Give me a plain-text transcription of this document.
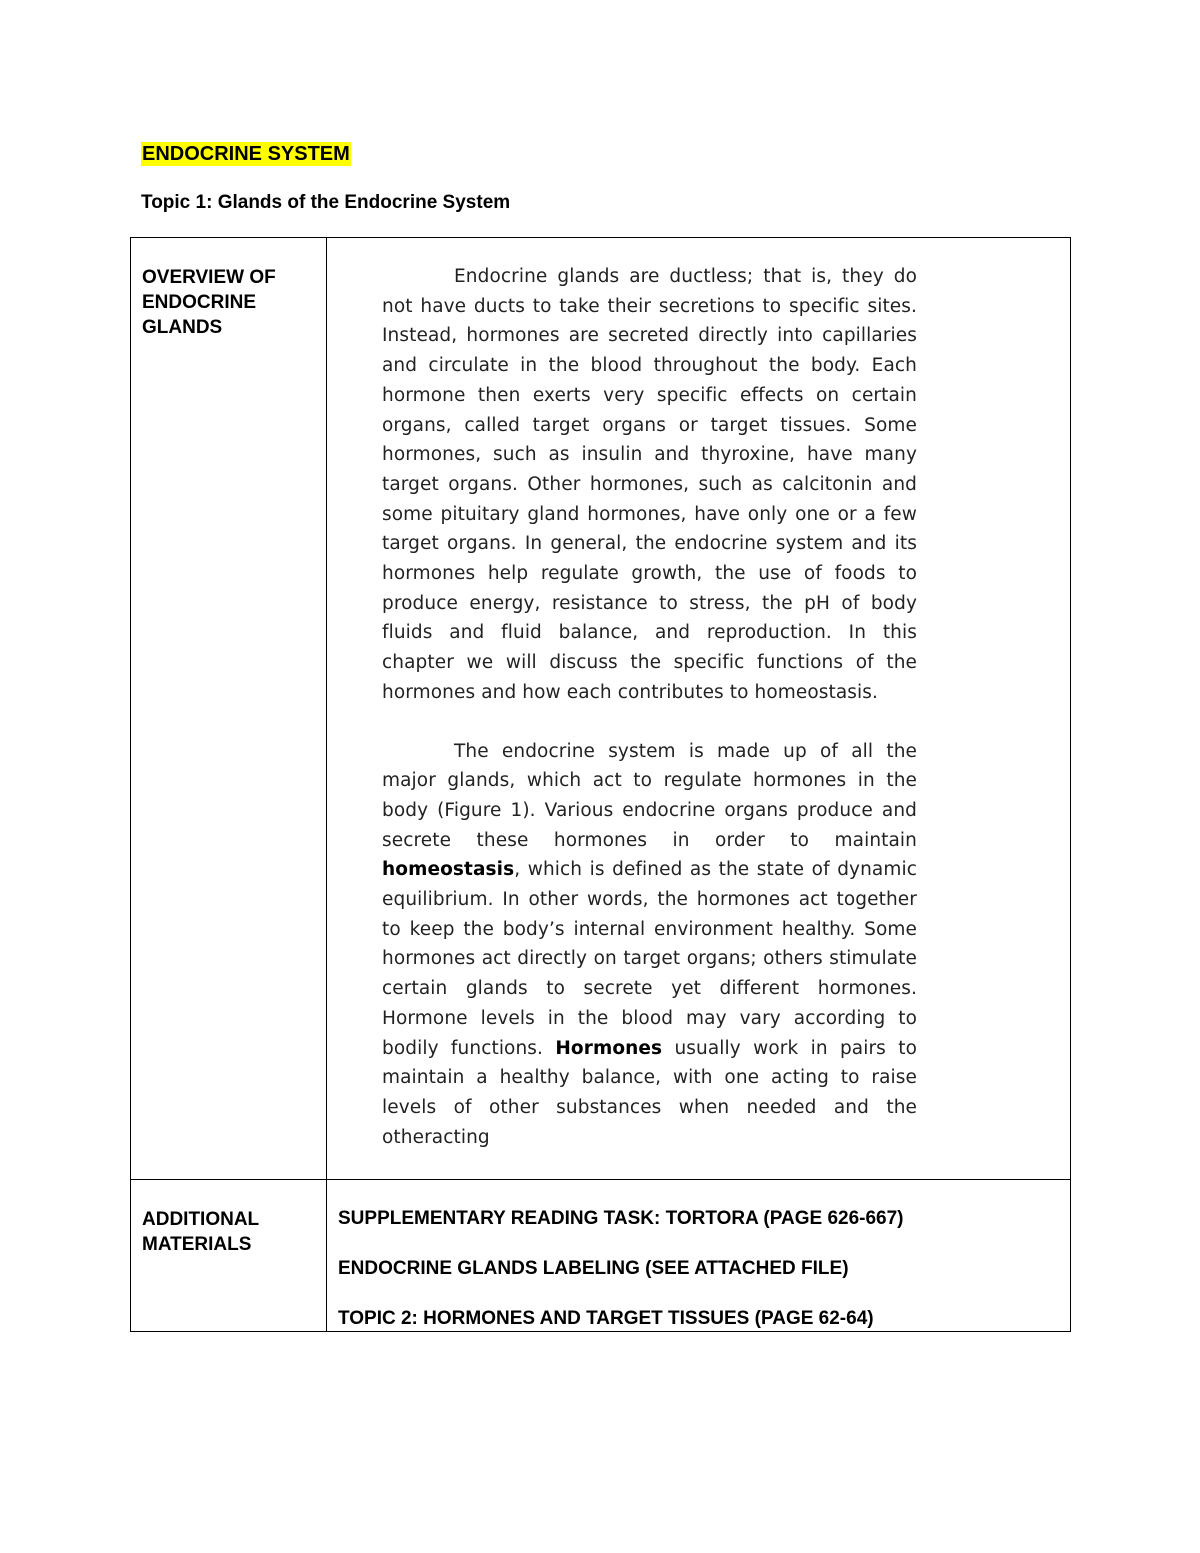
ENDOCRINE SYSTEM
Topic 1: Glands of the Endocrine System
OVERVIEW OF ENDOCRINE GLANDS	Endocrine glands are ductless; that is, they do not have ducts to take their secretions to specific sites. Instead, hormones are secreted directly into capillaries and circulate in the blood throughout the body. Each hormone then exerts very specific effects on certain organs, called target organs or target tissues. Some hormones, such as insulin and thyroxine, have many target organs. Other hormones, such as calcitonin and some pituitary gland hormones, have only one or a few target organs. In general, the endocrine system and its hormones help regulate growth, the use of foods to produce energy, resistance to stress, the pH of body fluids and fluid balance, and reproduction. In this chapter we will discuss the specific functions of the hormones and how each contributes to homeostasis.

The endocrine system is made up of all the major glands, which act to regulate hormones in the body (Figure 1). Various endocrine organs produce and secrete these hormones in order to maintain homeostasis, which is defined as the state of dynamic equilibrium. In other words, the hormones act together to keep the body’s internal environment healthy. Some hormones act directly on target organs; others stimulate certain glands to secrete yet different hormones. Hormone levels in the blood may vary according to bodily functions. Hormones usually work in pairs to maintain a healthy balance, with one acting to raise levels of other substances when needed and the otheracting

ADDITIONAL MATERIALS	SUPPLEMENTARY READING TASK: TORTORA (PAGE 626-667)
ENDOCRINE GLANDS LABELING (SEE ATTACHED FILE)
TOPIC 2: HORMONES AND TARGET TISSUES (PAGE 62-64)
